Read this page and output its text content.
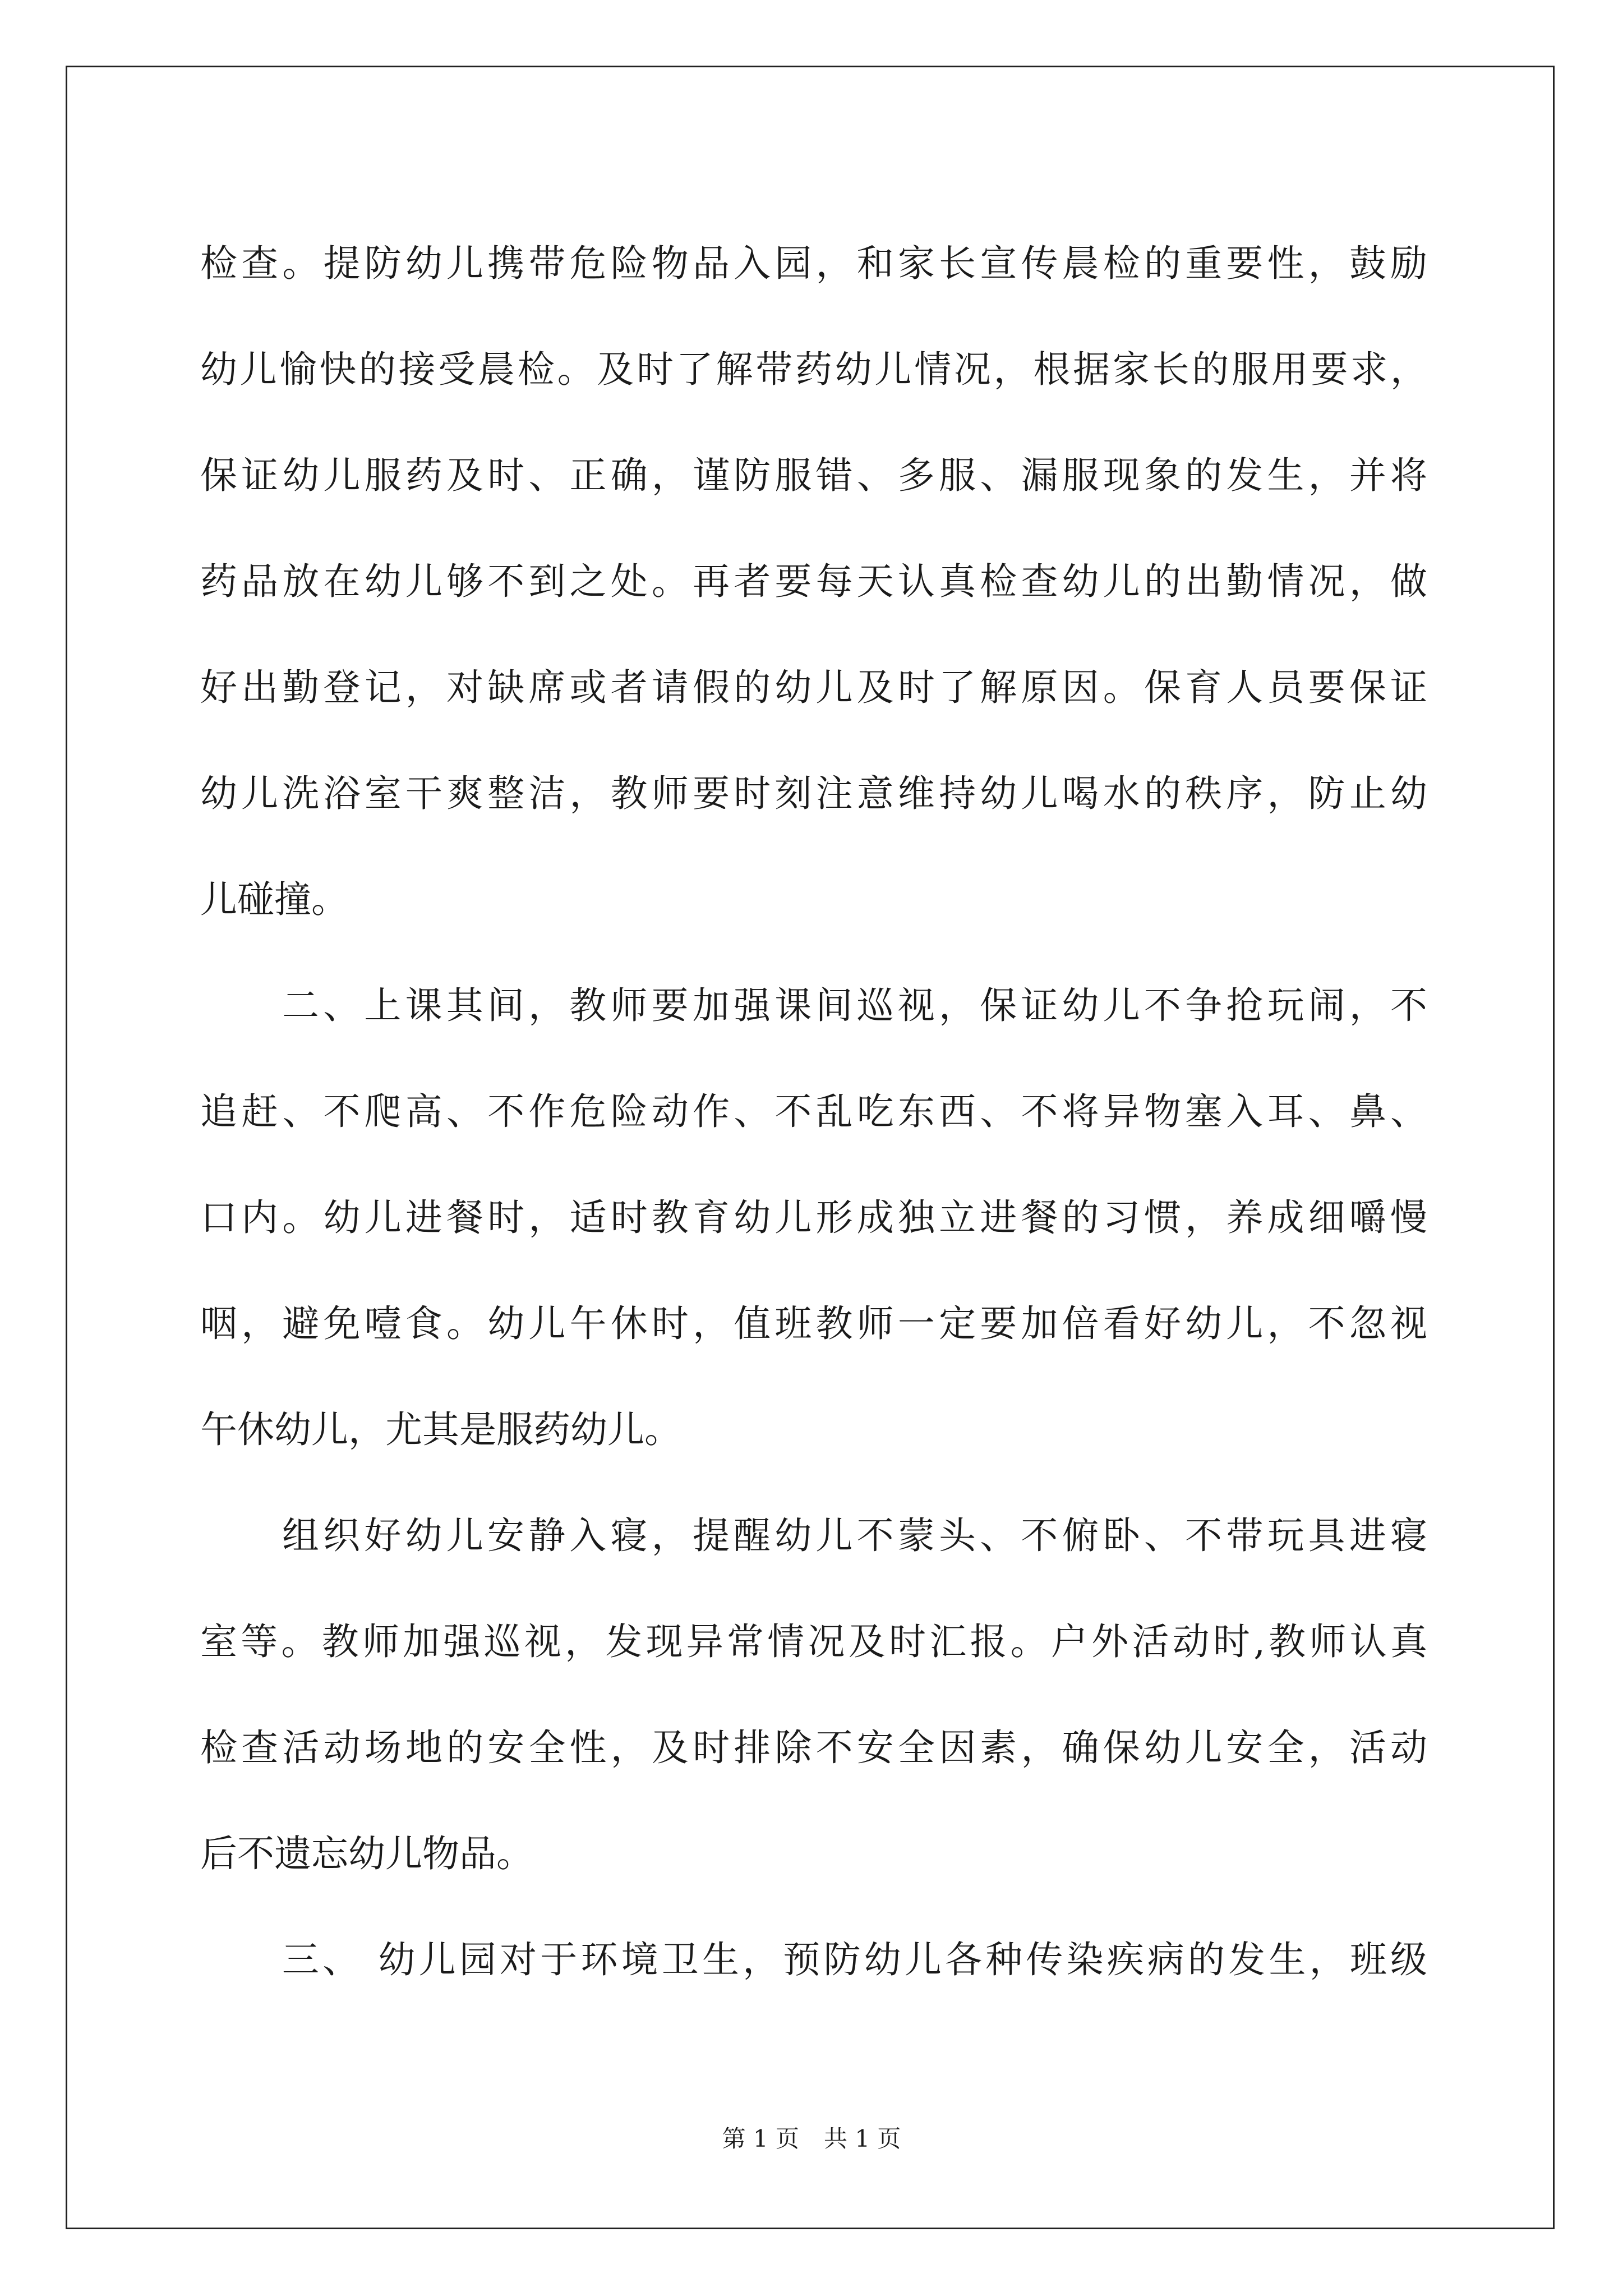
检查。提防幼儿携带危险物品入园，和家长宣传晨检的重要性，鼓励
幼儿愉快的接受晨检。及时了解带药幼儿情况，根据家长的服用要求，
保证幼儿服药及时、正确，谨防服错、多服、漏服现象的发生，并将
药品放在幼儿够不到之处。再者要每天认真检查幼儿的出勤情况，做
好出勤登记，对缺席或者请假的幼儿及时了解原因。保育人员要保证
幼儿洗浴室干爽整洁，教师要时刻注意维持幼儿喝水的秩序，防止幼
儿碰撞。
二、上课其间，教师要加强课间巡视，保证幼儿不争抢玩闹，不
追赶、不爬高、不作危险动作、不乱吃东西、不将异物塞入耳、鼻、
口内。幼儿进餐时，适时教育幼儿形成独立进餐的习惯，养成细嚼慢
咽，避免噎食。幼儿午休时，值班教师一定要加倍看好幼儿，不忽视
午休幼儿，尤其是服药幼儿。
组织好幼儿安静入寝，提醒幼儿不蒙头、不俯卧、不带玩具进寝
室等。教师加强巡视，发现异常情况及时汇报。户外活动时,教师认真
检查活动场地的安全性，及时排除不安全因素，确保幼儿安全，活动
后不遗忘幼儿物品。
三、 幼儿园对于环境卫生，预防幼儿各种传染疾病的发生，班级
第 1 页 共 1 页
